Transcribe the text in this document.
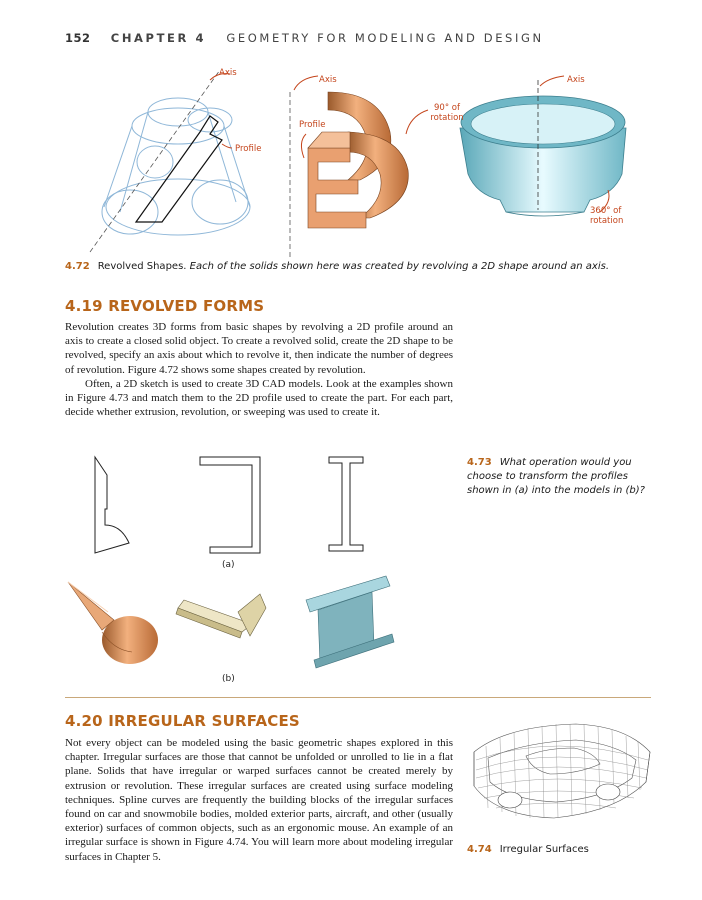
152 CHAPTER 4 GEOMETRY FOR MODELING AND DESIGN
Axis
Profile
Axis
Profile
90° of rotation
Axis
360° of rotation
4.72 Revolved Shapes. Each of the solids shown here was created by revolving a 2D shape around an axis.
4.19 REVOLVED FORMS

Revolution creates 3D forms from basic shapes by revolving a 2D profile around an axis to create a closed solid object. To create a revolved solid, create the 2D shape to be revolved, specify an axis about which to revolve it, then indicate the number of degrees of revolution. Figure 4.72 shows some shapes created by revolution.

Often, a 2D sketch is used to create 3D CAD models. Look at the examples shown in Figure 4.73 and match them to the 2D profile used to create the part. For each part, decide whether extrusion, revolution, or sweeping was used to create it.

(a)
(b)
4.73 What operation would you choose to transform the profiles shown in (a) into the models in (b)?
4.20 IRREGULAR SURFACES

Not every object can be modeled using the basic geometric shapes explored in this chapter. Irregular surfaces are those that cannot be unfolded or unrolled to lie in a flat plane. Solids that have irregular or warped surfaces cannot be created merely by extrusion or revolution. These irregular surfaces are created using surface modeling techniques. Spline curves are frequently the building blocks of the irregular surfaces found on car and snowmobile bodies, molded exterior parts, aircraft, and other (usually exterior) surfaces of common objects, such as an ergonomic mouse. An example of an irregular surface is shown in Figure 4.74. You will learn more about modeling irregular surfaces in Chapter 5.

4.74 Irregular Surfaces
